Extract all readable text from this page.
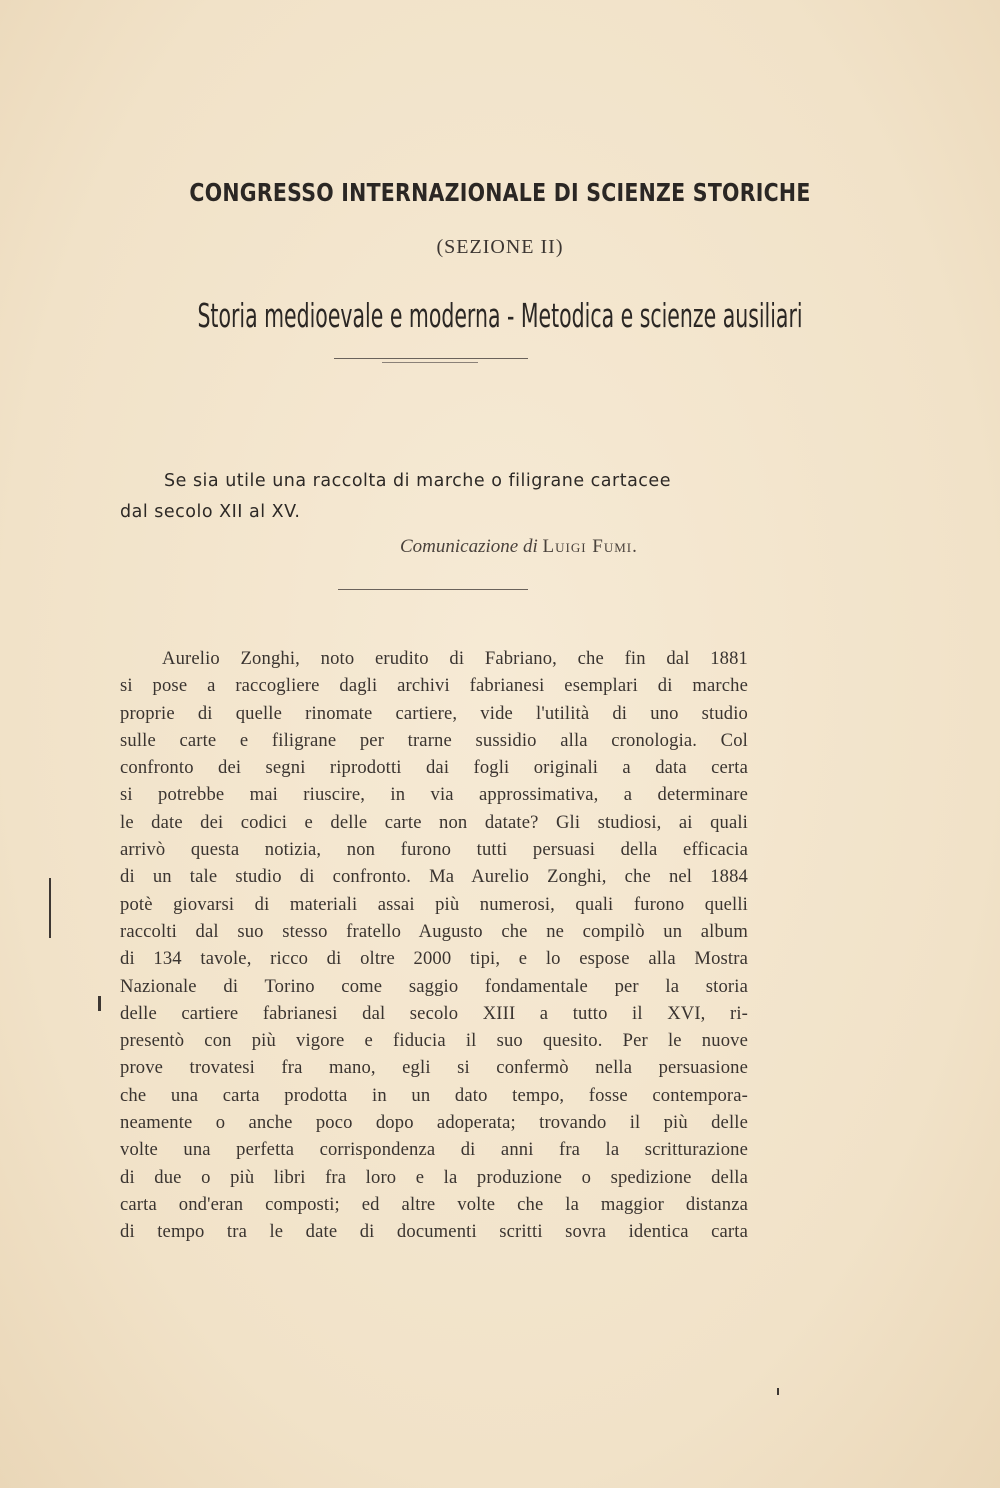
CONGRESSO INTERNAZIONALE DI SCIENZE STORICHE
(SEZIONE II)
Storia medioevale e moderna - Metodica e scienze ausiliari
Se sia utile una raccolta di marche o filigrane cartacee
dal secolo XII al XV.
Comunicazione di Luigi Fumi.
Aurelio Zonghi, noto erudito di Fabriano, che fin dal 1881
si pose a raccogliere dagli archivi fabrianesi esemplari di marche
proprie di quelle rinomate cartiere, vide l'utilità di uno studio
sulle carte e filigrane per trarne sussidio alla cronologia. Col
confronto dei segni riprodotti dai fogli originali a data certa
si potrebbe mai riuscire, in via approssimativa, a determinare
le date dei codici e delle carte non datate? Gli studiosi, ai quali
arrivò questa notizia, non furono tutti persuasi della efficacia
di un tale studio di confronto. Ma Aurelio Zonghi, che nel 1884
potè giovarsi di materiali assai più numerosi, quali furono quelli
raccolti dal suo stesso fratello Augusto che ne compilò un album
di 134 tavole, ricco di oltre 2000 tipi, e lo espose alla Mostra
Nazionale di Torino come saggio fondamentale per la storia
delle cartiere fabrianesi dal secolo XIII a tutto il XVI, ri-
presentò con più vigore e fiducia il suo quesito. Per le nuove
prove trovatesi fra mano, egli si confermò nella persuasione
che una carta prodotta in un dato tempo, fosse contempora-
neamente o anche poco dopo adoperata; trovando il più delle
volte una perfetta corrispondenza di anni fra la scritturazione
di due o più libri fra loro e la produzione o spedizione della
carta ond'eran composti; ed altre volte che la maggior distanza
di tempo tra le date di documenti scritti sovra identica carta
